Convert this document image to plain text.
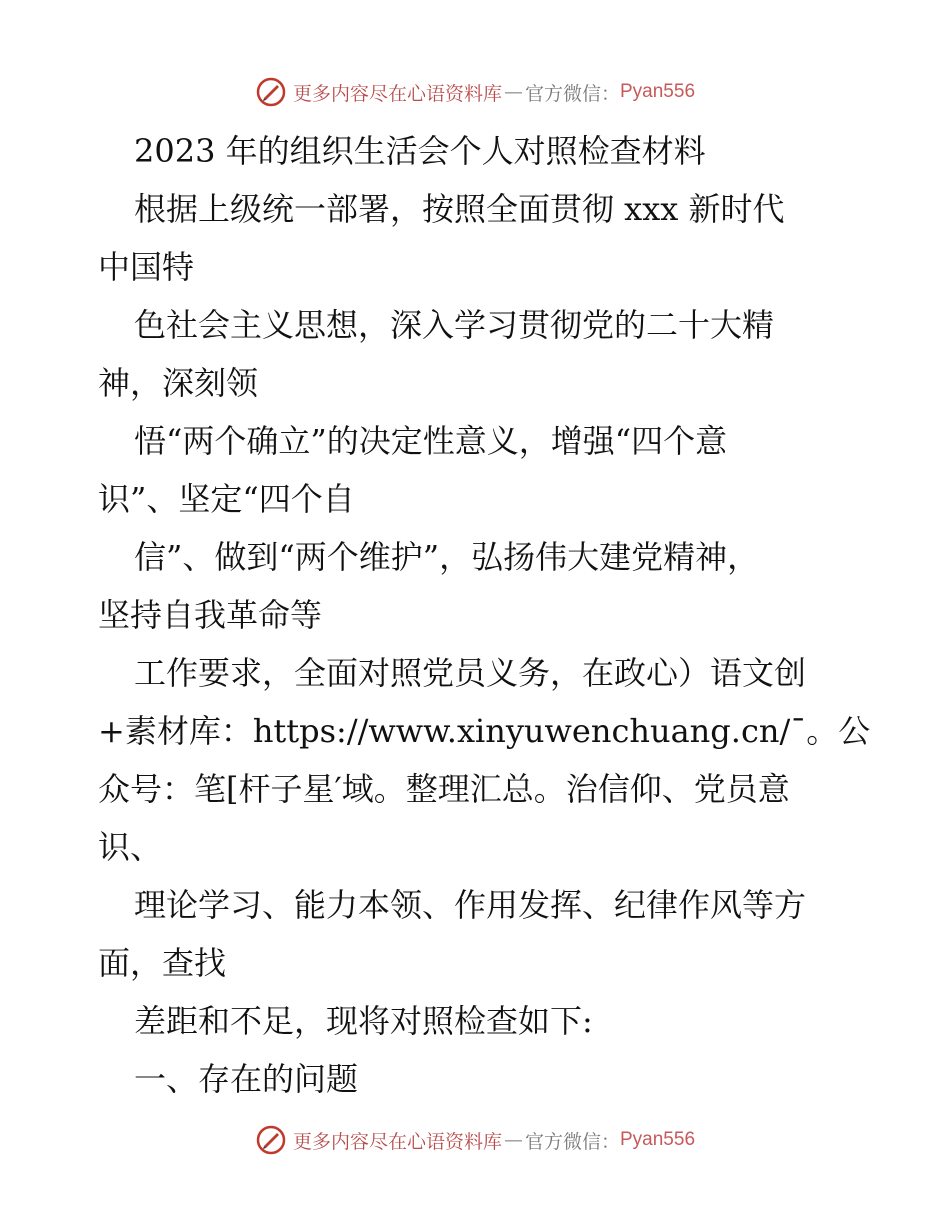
更多内容尽在心语资料库 — 官方微信： Pyan556
2023 年的组织生活会个人对照检查材料
根据上级统一部署，按照全面贯彻 xxx 新时代
中国特
色社会主义思想，深入学习贯彻党的二十大精
神，深刻领
悟“两个确立”的决定性意义，增强“四个意
识”、坚定“四个自
信”、做到“两个维护”，弘扬伟大建党精神，
坚持自我革命等
工作要求，全面对照党员义务，在政心）语文创
+素材库：https://www.xinyuwenchuang.cn/¯。公
众号：笔[杆子星′域。整理汇总。治信仰、党员意
识、
理论学习、能力本领、作用发挥、纪律作风等方
面，查找
差距和不足，现将对照检查如下:
一、存在的问题
更多内容尽在心语资料库 — 官方微信： Pyan556
